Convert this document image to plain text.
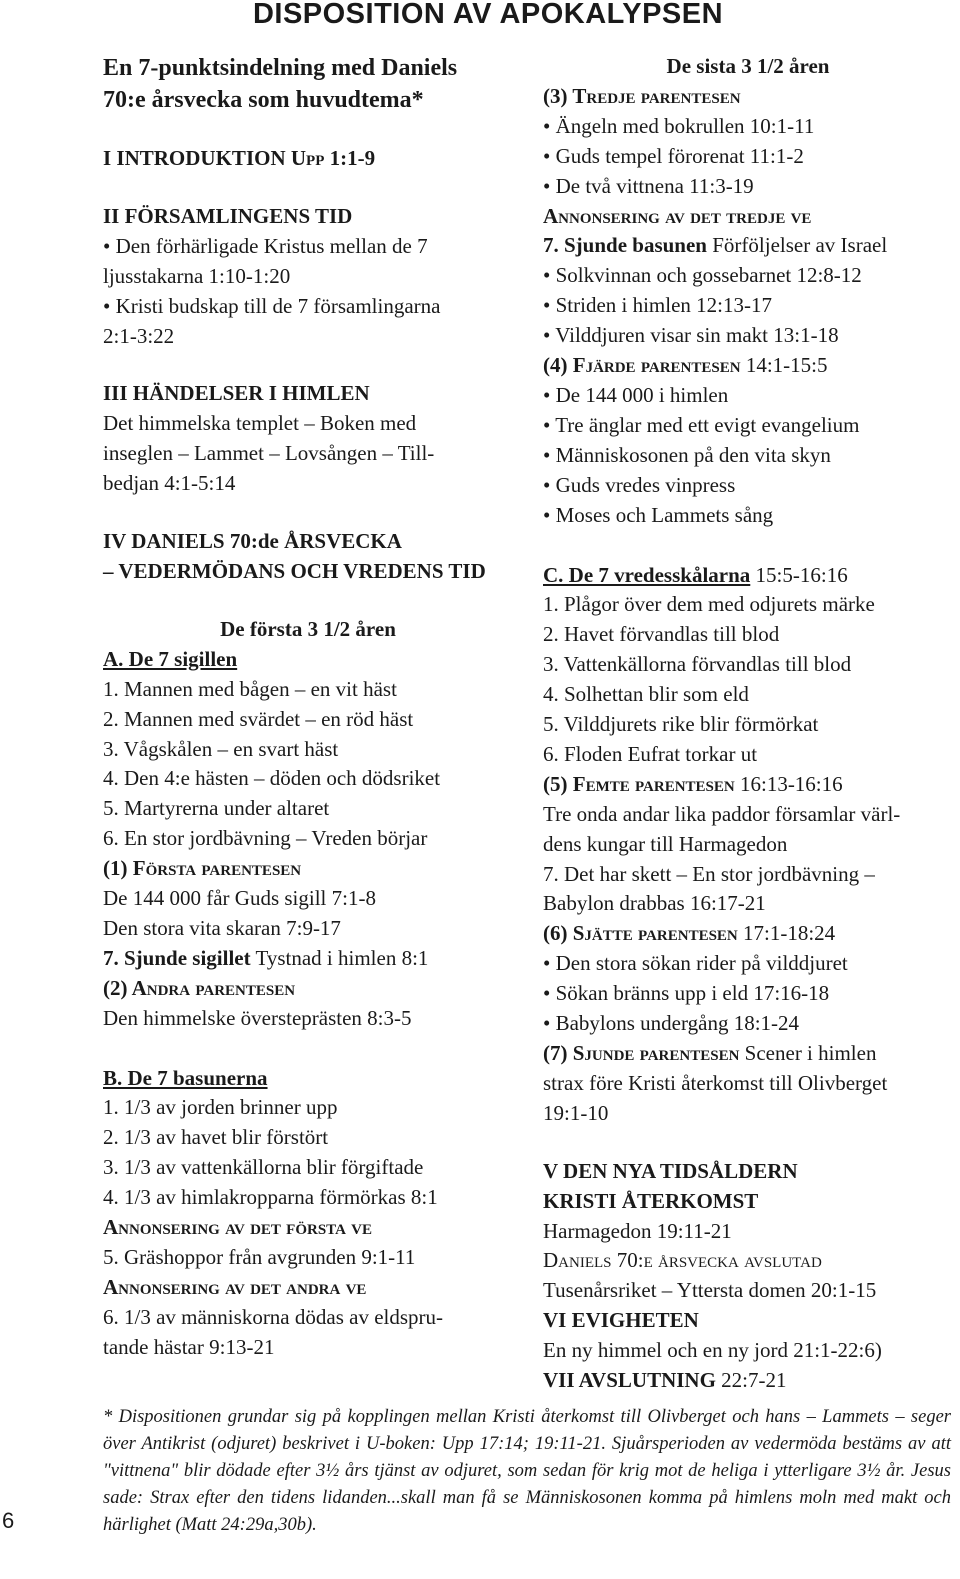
DISPOSITION AV APOKALYPSEN
En 7-punktsindelning med Daniels
70:e årsvecka som huvudtema*
I INTRODUKTION Upp 1:1-9
II FÖRSAMLINGENS TID
• Den förhärligade Kristus mellan de 7
ljusstakarna 1:10-1:20
• Kristi budskap till de 7 församlingarna
2:1-3:22
III HÄNDELSER I HIMLEN
Det himmelska templet – Boken med
inseglen – Lammet – Lovsången – Till-
bedjan 4:1-5:14
IV DANIELS 70:de ÅRSVECKA
– VEDERMÖDANS OCH VREDENS TID
De första 3 1/2 åren
A. De 7 sigillen
1. Mannen med bågen – en vit häst
2. Mannen med svärdet – en röd häst
3. Vågskålen – en svart häst
4. Den 4:e hästen – döden och dödsriket
5. Martyrerna under altaret
6. En stor jordbävning – Vreden börjar
(1) Första parentesen
De 144 000 får Guds sigill 7:1-8
Den stora vita skaran 7:9-17
7. Sjunde sigillet Tystnad i himlen 8:1
(2) Andra parentesen
Den himmelske översteprästen 8:3-5
B. De 7 basunerna
1. 1/3 av jorden brinner upp
2. 1/3 av havet blir förstört
3. 1/3 av vattenkällorna blir förgiftade
4. 1/3 av himlakropparna förmörkas 8:1
Annonsering av det första ve
5. Gräshoppor från avgrunden 9:1-11
Annonsering av det andra ve
6. 1/3 av människorna dödas av eldspru-
tande hästar 9:13-21
De sista 3 1/2 åren
(3) Tredje parentesen
• Ängeln med bokrullen 10:1-11
• Guds tempel förorenat 11:1-2
• De två vittnena 11:3-19
Annonsering av det tredje ve
7. Sjunde basunen Förföljelser av Israel
• Solkvinnan och gossebarnet 12:8-12
• Striden i himlen 12:13-17
• Vilddjuren visar sin makt 13:1-18
(4) Fjärde parentesen 14:1-15:5
• De 144 000 i himlen
• Tre änglar med ett evigt evangelium
• Människosonen på den vita skyn
• Guds vredes vinpress
• Moses och Lammets sång
C. De 7 vredesskålarna 15:5-16:16
1. Plågor över dem med odjurets märke
2. Havet förvandlas till blod
3. Vattenkällorna förvandlas till blod
4. Solhettan blir som eld
5. Vilddjurets rike blir förmörkat
6. Floden Eufrat torkar ut
(5) Femte parentesen 16:13-16:16
Tre onda andar lika paddor församlar värl-
dens kungar till Harmagedon
7. Det har skett – En stor jordbävning –
Babylon drabbas 16:17-21
(6) Sjätte parentesen 17:1-18:24
• Den stora sökan rider på vilddjuret
• Sökan bränns upp i eld 17:16-18
• Babylons undergång 18:1-24
(7) Sjunde parentesen Scener i himlen
strax före Kristi återkomst till Olivberget
19:1-10
V DEN NYA TIDSÅLDERN
KRISTI ÅTERKOMST
Harmagedon 19:11-21
Daniels 70:e årsvecka avslutad
Tusenårsriket – Yttersta domen 20:1-15
VI EVIGHETEN
En ny himmel och en ny jord 21:1-22:6)
VII AVSLUTNING 22:7-21
* Dispositionen grundar sig på kopplingen mellan Kristi återkomst till Olivberget och hans – Lammets – seger över Antikrist (odjuret) beskrivet i U-boken: Upp 17:14; 19:11-21. Sjuårsperioden av vedermöda bestäms av att "vittnena" blir dödade efter 3½ års tjänst av odjuret, som sedan för krig mot de heliga i ytterligare 3½ år. Jesus sade: Strax efter den tidens lidanden...skall man få se Människosonen komma på himlens moln med makt och härlighet (Matt 24:29a,30b).
6
